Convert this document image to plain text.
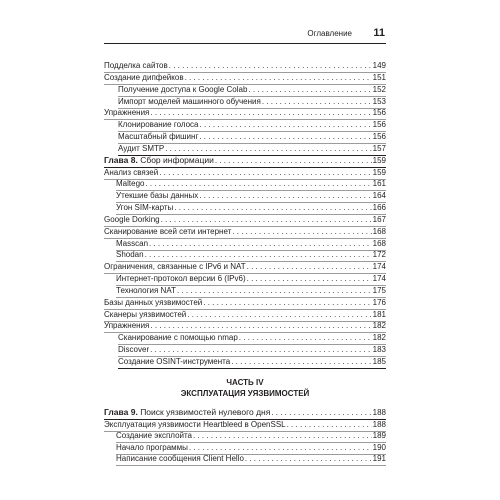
Оглавление 11
Подделка сайтов . . .	149
Создание дипфейков . . .	151
Получение доступа к Google Colab . . .	152
Импорт моделей машинного обучения . . .	153
Упражнения . . .	156
Клонирование голоса . . .	156
Масштабный фишинг . . .	156
Аудит SMTP . . .	157
Глава 8. Сбор информации . . .	159
Анализ связей . . .	159
Maltego . . .	161
Утекшие базы данных . . .	164
Угон SIM-карты . . .	166
Google Dorking . . .	167
Сканирование всей сети интернет . . .	168
Masscan . . .	168
Shodan . . .	172
Ограничения, связанные с IPv6 и NAT . . .	174
Интернет-протокол версии 6 (IPv6) . . .	174
Технология NAT . . .	175
Базы данных уязвимостей . . .	176
Сканеры уязвимостей . . .	181
Упражнения . . .	182
Сканирование с помощью nmap . . .	182
Discover . . .	183
Создание OSINT-инструмента . . .	185
Глава 9. Поиск уязвимостей нулевого дня . . .	188
Эксплуатация уязвимости Heartbleed в OpenSSL . . .	188
Создание эксплойта . . .	189
Начало программы . . .	190
Написание сообщения Client Hello . . .	191
ЧАСТЬ IV
ЭКСПЛУАТАЦИЯ УЯЗВИМОСТЕЙ
